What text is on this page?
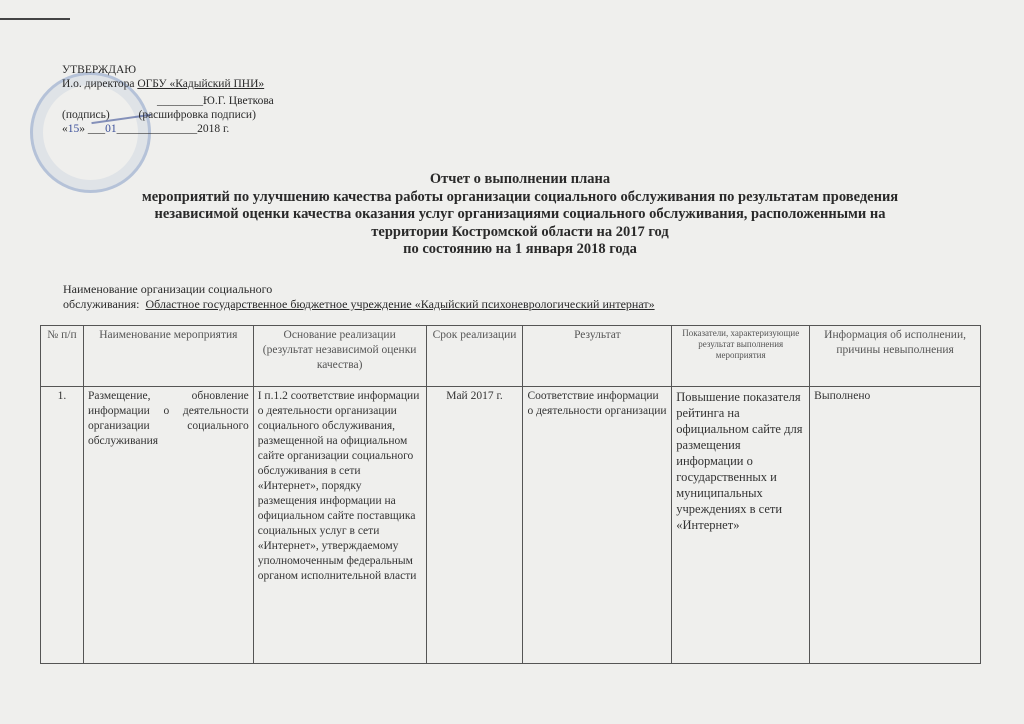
УТВЕРЖДАЮ
И.о. директора ОГБУ «Кадыйский ПНИ»
________Ю.Г. Цветкова
(подпись)	(расшифровка подписи)
«15» ___01______________2018 г.
Отчет о выполнении плана
мероприятий по улучшению качества работы организации социального обслуживания по результатам проведения
независимой оценки качества оказания услуг организациями социального обслуживания, расположенными на
территории Костромской области на 2017 год
по состоянию на 1 января 2018 года
Наименование организации социального
обслуживания: Областное государственное бюджетное учреждение «Кадыйский психоневрологический интернат»
№ п/п	Наименование мероприятия	Основание реализации (результат независимой оценки качества)	Срок реализации	Результат	Показатели, характеризующие результат выполнения мероприятия	Информация об исполнении, причины невыполнения
1.	Размещение, обновление информации о деятельности организации социального обслуживания	I п.1.2 соответствие информации о деятельности организации социального обслуживания, размещенной на официальном сайте организации социального обслуживания в сети «Интернет», порядку размещения информации на официальном сайте поставщика социальных услуг в сети «Интернет», утверждаемому уполномоченным федеральным органом исполнительной власти	Май 2017 г.	Соответствие информации о деятельности организации	Повышение показателя рейтинга на официальном сайте для размещения информации о государственных и муниципальных учреждениях в сети «Интернет»	Выполнено
